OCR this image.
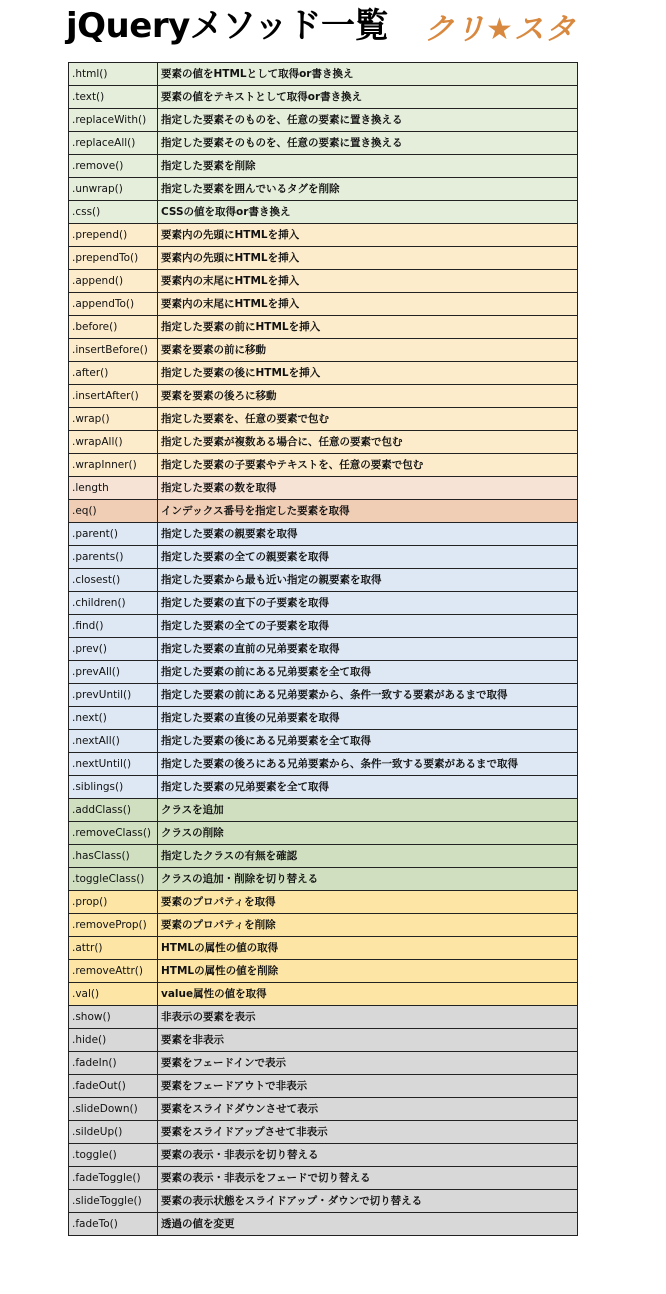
jQueryメソッド一覧 クリ★スタ
.html()	要素の値をHTMLとして取得or書き換え
.text()	要素の値をテキストとして取得or書き換え
.replaceWith()	指定した要素そのものを、任意の要素に置き換える
.replaceAll()	指定した要素そのものを、任意の要素に置き換える
.remove()	指定した要素を削除
.unwrap()	指定した要素を囲んでいるタグを削除
.css()	CSSの値を取得or書き換え
.prepend()	要素内の先頭にHTMLを挿入
.prependTo()	要素内の先頭にHTMLを挿入
.append()	要素内の末尾にHTMLを挿入
.appendTo()	要素内の末尾にHTMLを挿入
.before()	指定した要素の前にHTMLを挿入
.insertBefore()	要素を要素の前に移動
.after()	指定した要素の後にHTMLを挿入
.insertAfter()	要素を要素の後ろに移動
.wrap()	指定した要素を、任意の要素で包む
.wrapAll()	指定した要素が複数ある場合に、任意の要素で包む
.wrapInner()	指定した要素の子要素やテキストを、任意の要素で包む
.length	指定した要素の数を取得
.eq()	インデックス番号を指定した要素を取得
.parent()	指定した要素の親要素を取得
.parents()	指定した要素の全ての親要素を取得
.closest()	指定した要素から最も近い指定の親要素を取得
.children()	指定した要素の直下の子要素を取得
.find()	指定した要素の全ての子要素を取得
.prev()	指定した要素の直前の兄弟要素を取得
.prevAll()	指定した要素の前にある兄弟要素を全て取得
.prevUntil()	指定した要素の前にある兄弟要素から、条件一致する要素があるまで取得
.next()	指定した要素の直後の兄弟要素を取得
.nextAll()	指定した要素の後にある兄弟要素を全て取得
.nextUntil()	指定した要素の後ろにある兄弟要素から、条件一致する要素があるまで取得
.siblings()	指定した要素の兄弟要素を全て取得
.addClass()	クラスを追加
.removeClass()	クラスの削除
.hasClass()	指定したクラスの有無を確認
.toggleClass()	クラスの追加・削除を切り替える
.prop()	要素のプロパティを取得
.removeProp()	要素のプロパティを削除
.attr()	HTMLの属性の値の取得
.removeAttr()	HTMLの属性の値を削除
.val()	value属性の値を取得
.show()	非表示の要素を表示
.hide()	要素を非表示
.fadeIn()	要素をフェードインで表示
.fadeOut()	要素をフェードアウトで非表示
.slideDown()	要素をスライドダウンさせて表示
.sildeUp()	要素をスライドアップさせて非表示
.toggle()	要素の表示・非表示を切り替える
.fadeToggle()	要素の表示・非表示をフェードで切り替える
.slideToggle()	要素の表示状態をスライドアップ・ダウンで切り替える
.fadeTo()	透過の値を変更
